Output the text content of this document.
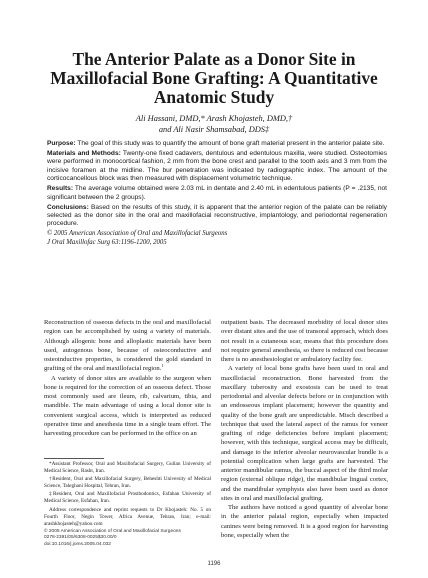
The Anterior Palate as a Donor Site in Maxillofacial Bone Grafting: A Quantitative Anatomic Study
Ali Hassani, DMD,* Arash Khojasteh, DMD,†
and Ali Nasir Shamsabad, DDS‡

Purpose: The goal of this study was to quantify the amount of bone graft material present in the anterior palate site.

Materials and Methods: Twenty-one fixed cadavers, dentulous and edentulous maxilla, were studied. Osteotomies were performed in monocortical fashion, 2 mm from the bone crest and parallel to the tooth axis and 3 mm from the incisive foramen at the midline. The bur penetration was indicated by radiographic index. The amount of the corticocancellous block was then measured with displacement volumetric technique.

Results: The average volume obtained were 2.03 mL in dentate and 2.40 mL in edentulous patients (P = .2135, not significant between the 2 groups).

Conclusions: Based on the results of this study, it is apparent that the anterior region of the palate can be reliably selected as the donor site in the oral and maxillofacial reconstructive, implantology, and periodontal regeneration procedure.

© 2005 American Association of Oral and Maxillofacial Surgeons
J Oral Maxillofac Surg 63:1196-1200, 2005

Reconstruction of osseous defects in the oral and maxillofacial region can be accomplished by using a variety of materials. Although allogenic bone and alloplastic materials have been used, autogenous bone, because of osteoconductive and osteoinductive properties, is considered the gold standard in grafting of the oral and maxillofacial region.$^1$

A variety of donor sites are available to the surgeon when bone is required for the correction of an osseous defect. Those most commonly used are ileum, rib, calvarium, tibia, and mandible. The main advantage of using a local donor site is convenient surgical access, which is interpreted as reduced operative time and anesthesia time in a single team effort. The harvesting procedure can be performed in the office on an

*Assistant Professor, Oral and Maxillofacial Surgery, Gullan University of Medical Science, Rasht, Iran.

†Resident, Oral and Maxillofacial Surgery, Beheshti University of Medical Science, Taleghani Hospital, Tehran, Iran.

‡Resident, Oral and Maxillofacial Prosthodontics, Esfahan University of Medical Science, Esfahan, Iran.

Address correspondence and reprint requests to Dr Khojasteh: No. 5 on Fourth Floor, Negin Tower, Africa Avenue, Tehran, Iran; e-mail: arashkhojasteh@yahoo.com

© 2005 American Association of Oral and Maxillofacial Surgeons

0278-2391/05/6308-0025$30.00/0

doi:10.1016/j.joms.2005.04.032

outpatient basis. The decreased morbidity of local donor sites over distant sites and the use of transoral approach, which does not result in a cutaneous scar, means that this procedure does not require general anesthesia, so there is reduced cost because there is no anesthesiologist or ambulatory facility fee.

A variety of local bone grafts have been used in oral and maxillofacial reconstruction. Bone harvested from the maxillary tuberosity and exostosis can be used to treat periodontal and alveolar defects before or in conjunction with an endosseous implant placement; however the quantity and quality of the bone graft are unpredictable. Misch described a technique that used the lateral aspect of the ramus for veneer grafting of ridge deficiencies before implant placement; however, with this technique, surgical access may be difficult, and damage to the inferior alveolar neurovascular bundle is a potential complication when large grafts are harvested. The anterior mandibular ramus, the buccal aspect of the third molar region (external oblique ridge), the mandibular lingual cortex, and the mandibular symphysis also have been used as donor sites in oral and maxillofacial grafting.

The authors have noticed a good quantity of alveolar bone in the anterior palatal region, especially when impacted canines were being removed. It is a good region for harvesting bone, especially when the

1196
